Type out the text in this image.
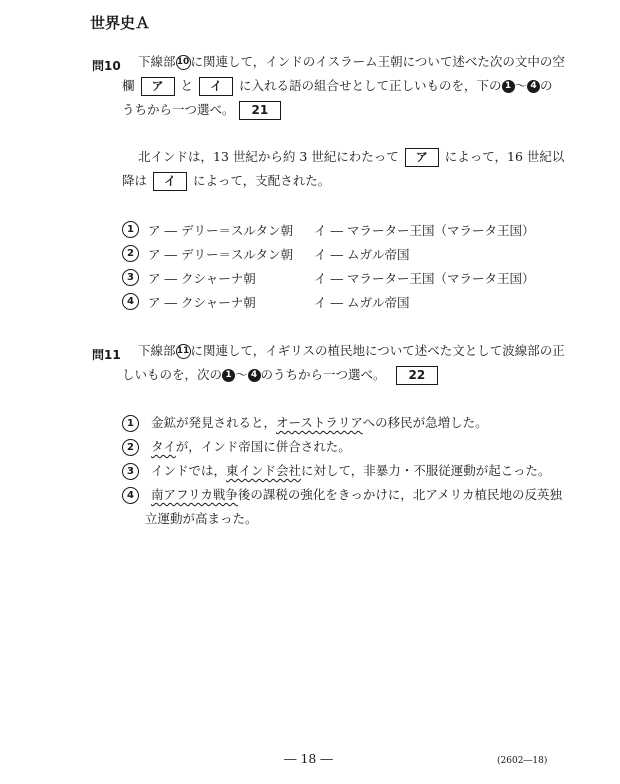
世界史Ａ
問10 下線部10に関連して，インドのイスラーム王朝について述べた次の文中の空
欄 ア と イ に入れる語の組合せとして正しいものを，下の 1 ～ 4 の
うちから一つ選べ。 21
北インドは，13 世紀から約 3 世紀にわたって ア によって，16 世紀以
降は イ によって，支配された。
1 ア ― デリー＝スルタン朝 イ ― マラーター王国（マラータ王国）
2 ア ― デリー＝スルタン朝 イ ― ムガル帝国
3 ア ― クシャーナ朝	イ ― マラーター王国（マラータ王国）
4 ア ― クシャーナ朝	イ ― ムガル帝国
問11 下線部11に関連して，イギリスの植民地について述べた文として波線部の正
しいものを，次の 1 ～ 4 のうちから一つ選べ。 22
1 金鉱が発見されると，オーストラリアへの移民が急増した。
2 タイが，インド帝国に併合された。
3 インドでは，東インド会社に対して，非暴力・不服従運動が起こった。
4 南アフリカ戦争後の課税の強化をきっかけに，北アメリカ植民地の反英独
立運動が高まった。
― 18 ―	(2602―18)
